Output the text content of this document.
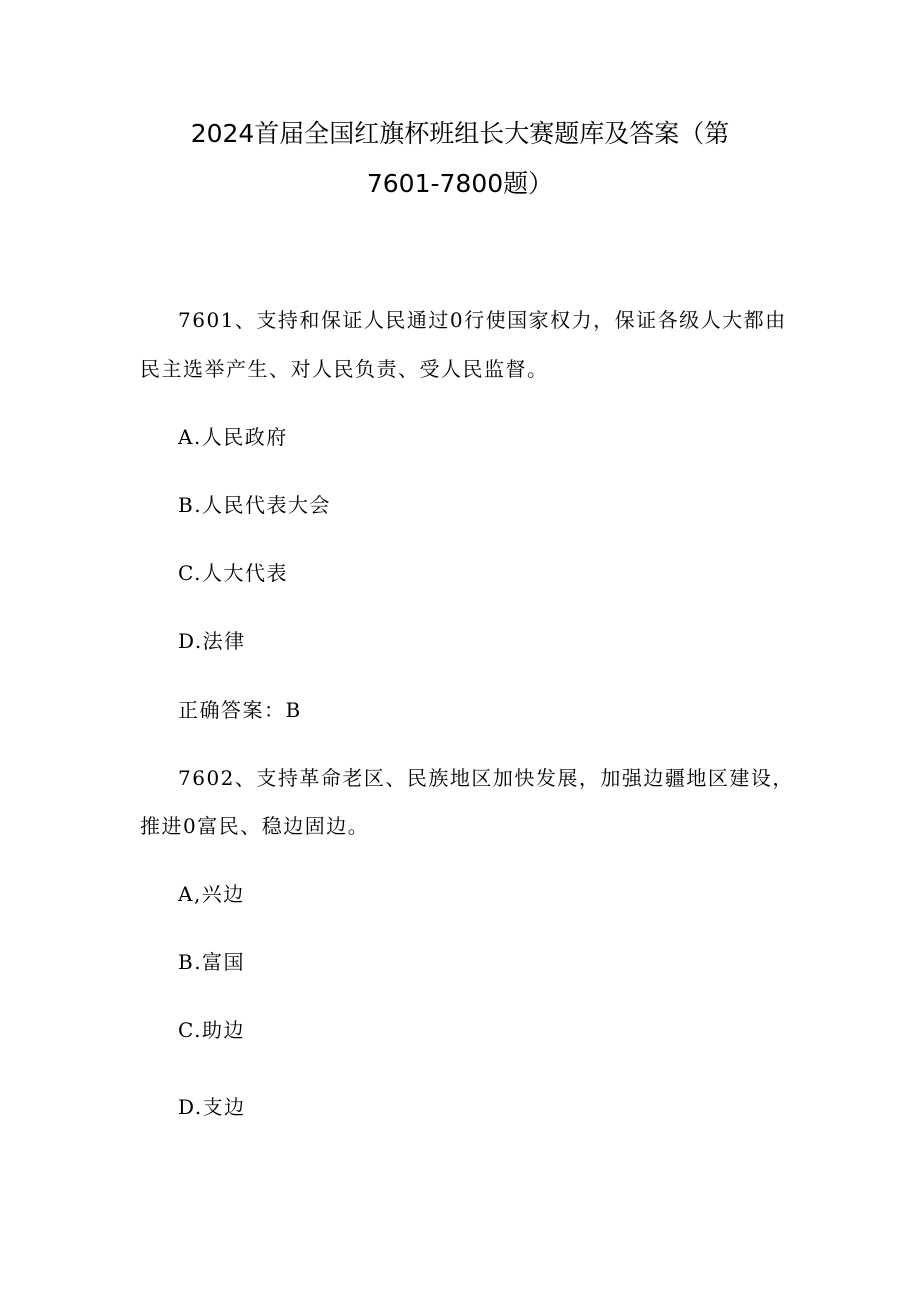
2024首届全国红旗杯班组长大赛题库及答案（第
7601-7800题）

7601、支持和保证人民通过0行使国家权力，保证各级人大都由

民主选举产生、对人民负责、受人民监督。

A.人民政府

B.人民代表大会

C.人大代表

D.法律

正确答案：B

7602、支持革命老区、民族地区加快发展，加强边疆地区建设，

推进0富民、稳边固边。

A,兴边

B.富国

C.助边

D.支边
